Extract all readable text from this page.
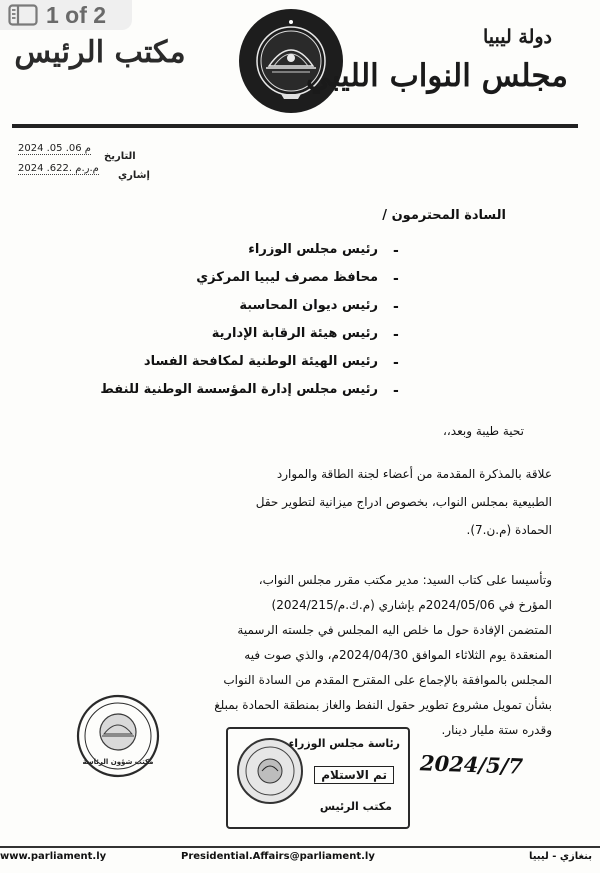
1 of 2
مكتب الرئيس	دولة ليبيا
مجلس النواب الليبي
2024 .05 .06 م
التاريخ
2024 .622. م.ر.م
إشاري
السادة المحترمون /
-
رئيس مجلس الوزراء
-
محافظ مصرف ليبيا المركزي
-
رئيس ديوان المحاسبة
-
رئيس هيئة الرقابة الإدارية
-
رئيس الهيئة الوطنية لمكافحة الفساد
-
رئيس مجلس إدارة المؤسسة الوطنية للنفط
تحية طيبة وبعد،،
علاقة بالمذكرة المقدمة من أعضاء لجنة الطاقة والموارد
الطبيعية بمجلس النواب، بخصوص ادراج ميزانية لتطوير حقل
الحمادة (م.ن.7).
وتأسيسا على كتاب السيد: مدير مكتب مقرر مجلس النواب،
المؤرخ في 2024/05/06م بإشاري (م.ك.م/2024/215)
المتضمن الإفادة حول ما خلص اليه المجلس في جلسته الرسمية
المنعقدة يوم الثلاثاء الموافق 2024/04/30م، والذي صوت فيه
المجلس بالموافقة بالإجماع على المقترح المقدم من السادة النواب
بشأن تمويل مشروع تطوير حقول النفط والغاز بمنطقة الحمادة بمبلغ
وقدره ستة مليار دينار.
مكتب شؤون الرئاسة
رئاسة مجلس الوزراء
تم الاستلام
مكتب الرئيس
2024/5/7
www.parliament.ly	Presidential.Affairs@parliament.ly	بنغازي - ليبيا
